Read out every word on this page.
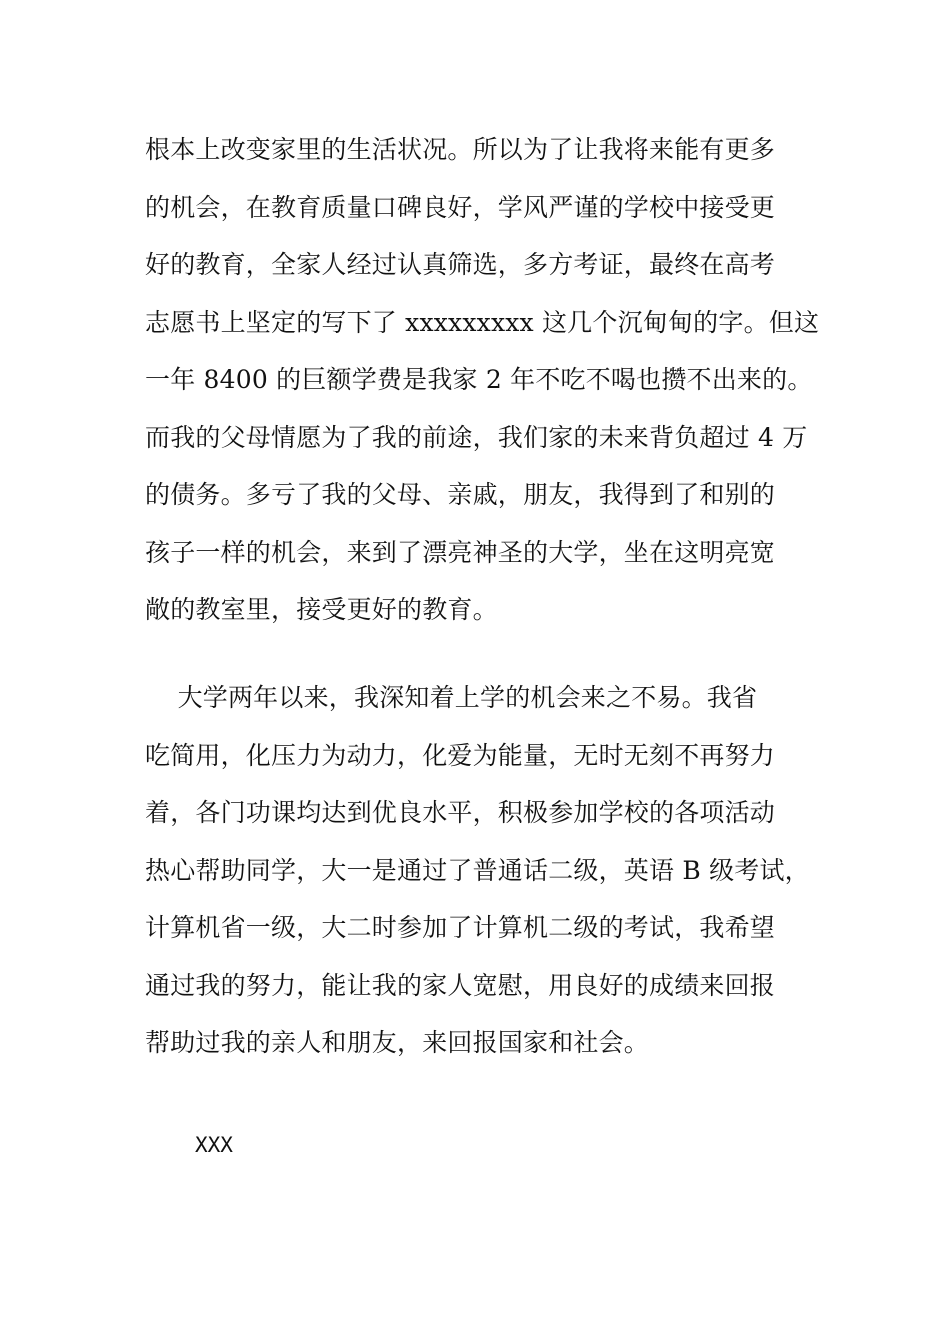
根本上改变家里的生活状况。所以为了让我将来能有更多
的机会，在教育质量口碑良好，学风严谨的学校中接受更
好的教育，全家人经过认真筛选，多方考证，最终在高考
志愿书上坚定的写下了 xxxxxxxxx 这几个沉甸甸的字。但这
一年 8400 的巨额学费是我家 2 年不吃不喝也攒不出来的。
而我的父母情愿为了我的前途，我们家的未来背负超过 4 万
的债务。多亏了我的父母、亲戚，朋友，我得到了和别的
孩子一样的机会，来到了漂亮神圣的大学，坐在这明亮宽
敞的教室里，接受更好的教育。
大学两年以来，我深知着上学的机会来之不易。我省
吃简用，化压力为动力，化爱为能量，无时无刻不再努力
着，各门功课均达到优良水平，积极参加学校的各项活动
热心帮助同学，大一是通过了普通话二级，英语 B 级考试，
计算机省一级，大二时参加了计算机二级的考试，我希望
通过我的努力，能让我的家人宽慰，用良好的成绩来回报
帮助过我的亲人和朋友，来回报国家和社会。
XXX
